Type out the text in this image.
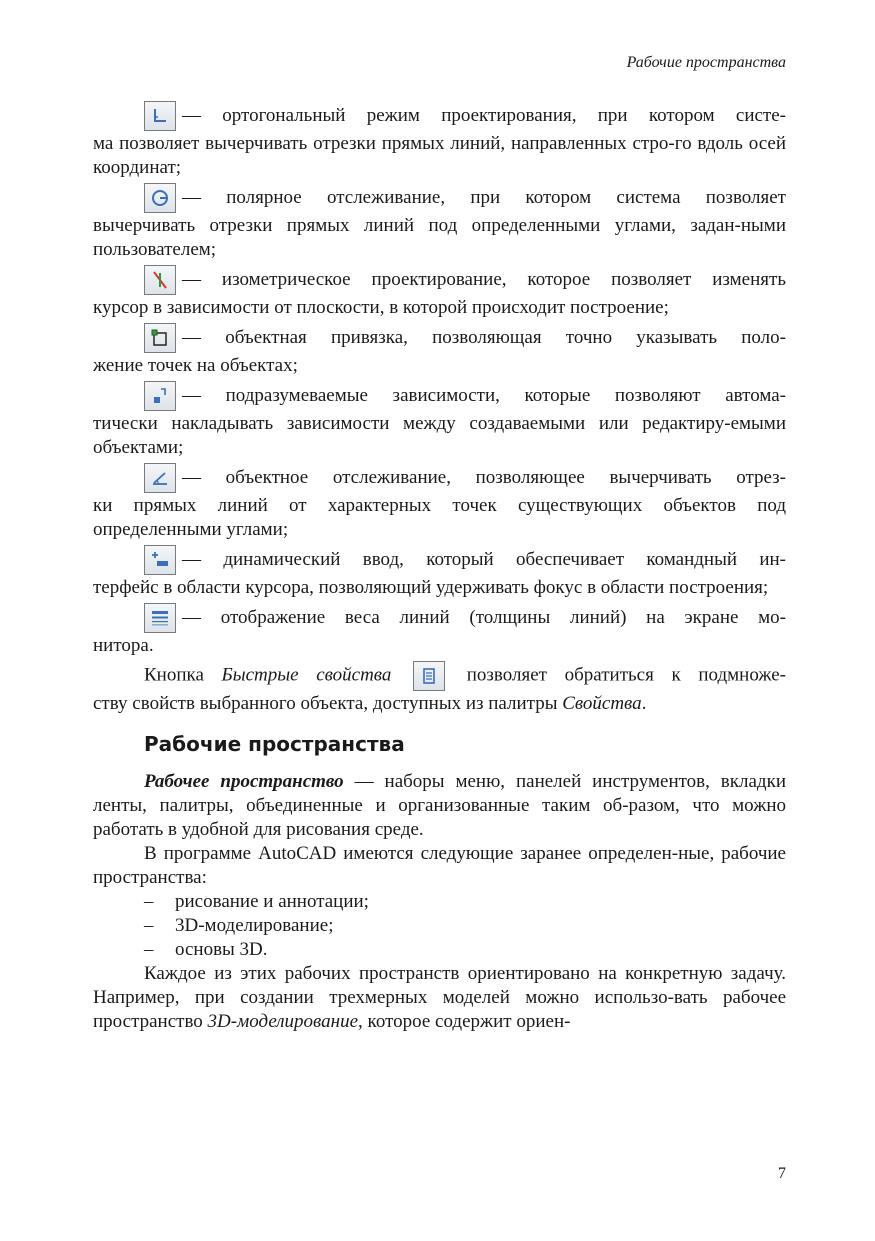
Рабочие пространства
— ортогональный режим проектирования, при котором систе-
ма позволяет вычерчивать отрезки прямых линий, направленных стро-го вдоль осей координат;
— полярное отслеживание, при котором система позволяет
вычерчивать отрезки прямых линий под определенными углами, задан-ными пользователем;
— изометрическое проектирование, которое позволяет изменять
курсор в зависимости от плоскости, в которой происходит построение;
— объектная привязка, позволяющая точно указывать поло-
жение точек на объектах;
— подразумеваемые зависимости, которые позволяют автома-
тически накладывать зависимости между создаваемыми или редактиру-емыми объектами;
— объектное отслеживание, позволяющее вычерчивать отрез-
ки прямых линий от характерных точек существующих объектов под определенными углами;
— динамический ввод, который обеспечивает командный ин-
терфейс в области курсора, позволяющий удерживать фокус в области построения;
— отображение веса линий (толщины линий) на экране мо-
нитора.
Кнопка Быстрые свойства	позволяет обратиться к подмноже-
ству свойств выбранного объекта, доступных из палитры Свойства.
Рабочие пространства

Рабочее пространство — наборы меню, панелей инструментов, вкладки ленты, палитры, объединенные и организованные таким об-разом, что можно работать в удобной для рисования среде.

В программе AutoCAD имеются следующие заранее определен-ные, рабочие пространства:

– рисование и аннотации;
– 3D-моделирование;
– основы 3D.

Каждое из этих рабочих пространств ориентировано на конкретную задачу. Например, при создании трехмерных моделей можно использо-вать рабочее пространство 3D-моделирование, которое содержит ориен-

7
